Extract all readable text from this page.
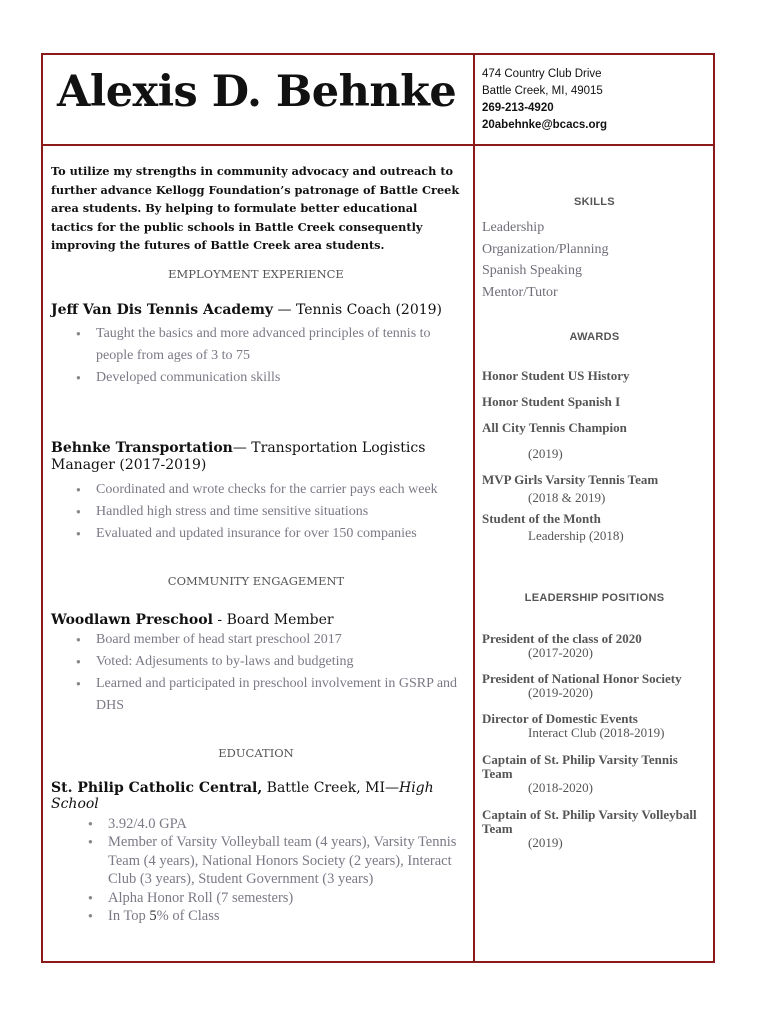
Alexis D. Behnke 474 Country Club Drive
Battle Creek, MI, 49015
269-213-4920
20abehnke@bcacs.org
To utilize my strengths in community advocacy and outreach to further advance Kellogg Foundation’s patronage of Battle Creek area students. By helping to formulate better educational tactics for the public schools in Battle Creek consequently improving the futures of Battle Creek area students.
EMPLOYMENT EXPERIENCE
Jeff Van Dis Tennis Academy — Tennis Coach (2019)
● Taught the basics and more advanced principles of tennis to people from ages of 3 to 75
● Developed communication skills
Behnke Transportation— Transportation Logistics Manager (2017-2019)
● Coordinated and wrote checks for the carrier pays each week
● Handled high stress and time sensitive situations
● Evaluated and updated insurance for over 150 companies
COMMUNITY ENGAGEMENT
Woodlawn Preschool - Board Member
● Board member of head start preschool 2017
● Voted: Adjesuments to by-laws and budgeting
● Learned and participated in preschool involvement in GSRP and DHS
EDUCATION
St. Philip Catholic Central, Battle Creek, MI—High School
● 3.92/4.0 GPA
● Member of Varsity Volleyball team (4 years), Varsity Tennis Team (4 years), National Honors Society (2 years), Interact Club (3 years), Student Government (3 years)
● Alpha Honor Roll (7 semesters)
● In Top 5% of Class
SKILLS
Leadership
Organization/Planning
Spanish Speaking
Mentor/Tutor
AWARDS
Honor Student US History
Honor Student Spanish I
All City Tennis Champion
(2019)
MVP Girls Varsity Tennis Team
(2018 & 2019)
Student of the Month
Leadership (2018)
LEADERSHIP POSITIONS
President of the class of 2020
(2017-2020)
President of National Honor Society
(2019-2020)
Director of Domestic Events
Interact Club (2018-2019)
Captain of St. Philip Varsity Tennis Team
(2018-2020)
Captain of St. Philip Varsity Volleyball Team
(2019)
